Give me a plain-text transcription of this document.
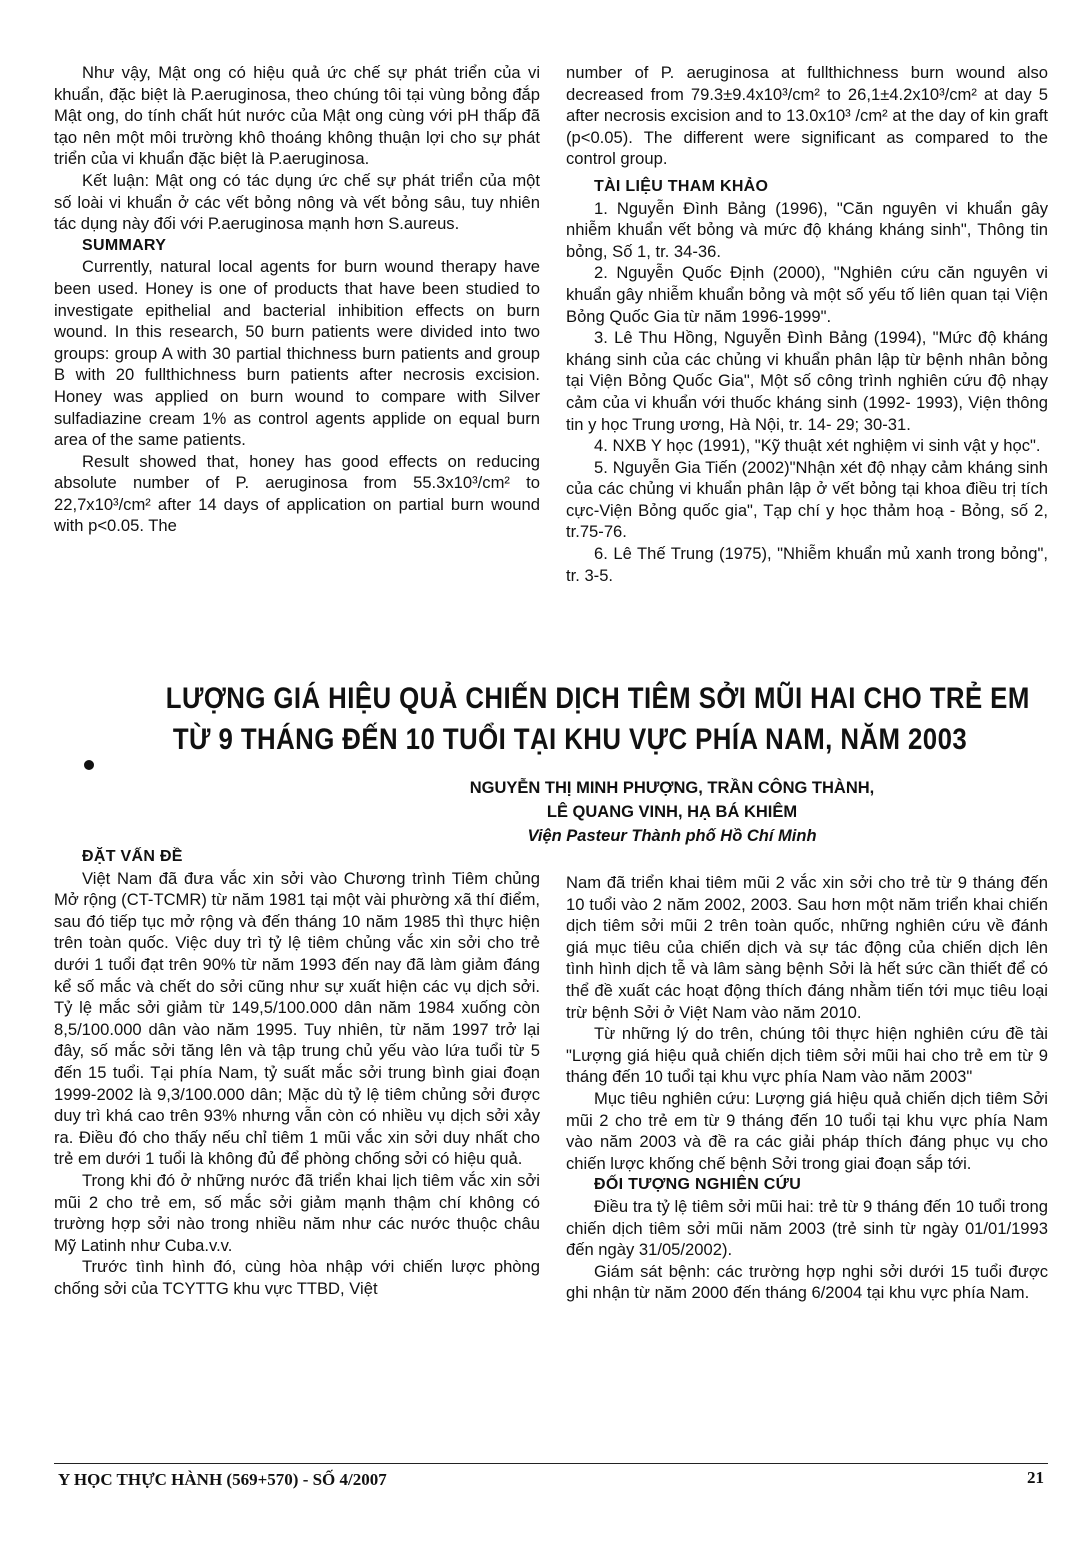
Như vậy, Mật ong có hiệu quả ức chế sự phát triển của vi khuẩn, đặc biệt là P.aeruginosa, theo chúng tôi tại vùng bỏng đắp Mật ong, do tính chất hút nước của Mật ong cùng với pH thấp đã tạo nên một môi trường khô thoáng không thuận lợi cho sự phát triển của vi khuẩn đặc biệt là P.aeruginosa.

Kết luận: Mật ong có tác dụng ức chế sự phát triển của một số loài vi khuẩn ở các vết bỏng nông và vết bỏng sâu, tuy nhiên tác dụng này đối với P.aeruginosa mạnh hơn S.aureus.

SUMMARY

Currently, natural local agents for burn wound therapy have been used. Honey is one of products that have been studied to investigate epithelial and bacterial inhibition effects on burn wound. In this research, 50 burn patients were divided into two groups: group A with 30 partial thichness burn patients and group B with 20 fullthichness burn patients after necrosis excision. Honey was applied on burn wound to compare with Silver sulfadiazine cream 1% as control agents applide on equal burn area of the same patients.

Result showed that, honey has good effects on reducing absolute number of P. aeruginosa from 55.3x10³/cm² to 22,7x10³/cm² after 14 days of application on partial burn wound with p<0.05. The

number of P. aeruginosa at fullthichness burn wound also decreased from 79.3±9.4x10³/cm² to 26,1±4.2x10³/cm² at day 5 after necrosis excision and to 13.0x10³ /cm² at the day of kin graft (p<0.05). The different were significant as compared to the control group.

TÀI LIỆU THAM KHẢO

1. Nguyễn Đình Bảng (1996), "Căn nguyên vi khuẩn gây nhiễm khuẩn vết bỏng và mức độ kháng kháng sinh", Thông tin bỏng, Số 1, tr. 34-36.

2. Nguyễn Quốc Định (2000), "Nghiên cứu căn nguyên vi khuẩn gây nhiễm khuẩn bỏng và một số yếu tố liên quan tại Viện Bỏng Quốc Gia từ năm 1996-1999".

3. Lê Thu Hồng, Nguyễn Đình Bảng (1994), "Mức độ kháng kháng sinh của các chủng vi khuẩn phân lập từ bệnh nhân bỏng tại Viện Bỏng Quốc Gia", Một số công trình nghiên cứu độ nhạy cảm của vi khuẩn với thuốc kháng sinh (1992- 1993), Viện thông tin y học Trung ương, Hà Nội, tr. 14- 29; 30-31.

4. NXB Y học (1991), "Kỹ thuật xét nghiệm vi sinh vật y học".

5. Nguyễn Gia Tiến (2002)"Nhận xét độ nhạy cảm kháng sinh của các chủng vi khuẩn phân lập ở vết bỏng tại khoa điều trị tích cực-Viện Bỏng quốc gia", Tạp chí y học thảm hoạ - Bỏng, số 2, tr.75-76.

6. Lê Thế Trung (1975), "Nhiễm khuẩn mủ xanh trong bỏng", tr. 3-5.

LƯỢNG GIÁ HIỆU QUẢ CHIẾN DỊCH TIÊM SỞI MŨI HAI CHO TRẺ EM
TỪ 9 THÁNG ĐẾN 10 TUỔI TẠI KHU VỰC PHÍA NAM, NĂM 2003
NGUYỄN THỊ MINH PHƯỢNG, TRẦN CÔNG THÀNH,
LÊ QUANG VINH, HẠ BÁ KHIÊM
Viện Pasteur Thành phố Hồ Chí Minh

ĐẶT VẤN ĐỀ

Việt Nam đã đưa vắc xin sởi vào Chương trình Tiêm chủng Mở rộng (CT-TCMR) từ năm 1981 tại một vài phường xã thí điểm, sau đó tiếp tục mở rộng và đến tháng 10 năm 1985 thì thực hiện trên toàn quốc. Việc duy trì tỷ lệ tiêm chủng vắc xin sởi cho trẻ dưới 1 tuổi đạt trên 90% từ năm 1993 đến nay đã làm giảm đáng kể số mắc và chết do sởi cũng như sự xuất hiện các vụ dịch sởi. Tỷ lệ mắc sởi giảm từ 149,5/100.000 dân năm 1984 xuống còn 8,5/100.000 dân vào năm 1995. Tuy nhiên, từ năm 1997 trở lại đây, số mắc sởi tăng lên và tập trung chủ yếu vào lứa tuổi từ 5 đến 15 tuổi. Tại phía Nam, tỷ suất mắc sởi trung bình giai đoạn 1999-2002 là 9,3/100.000 dân; Mặc dù tỷ lệ tiêm chủng sởi được duy trì khá cao trên 93% nhưng vẫn còn có nhiều vụ dịch sởi xảy ra. Điều đó cho thấy nếu chỉ tiêm 1 mũi vắc xin sởi duy nhất cho trẻ em dưới 1 tuổi là không đủ để phòng chống sởi có hiệu quả.

Trong khi đó ở những nước đã triển khai lịch tiêm vắc xin sởi mũi 2 cho trẻ em, số mắc sởi giảm mạnh thậm chí không có trường hợp sởi nào trong nhiều năm như các nước thuộc châu Mỹ Latinh như Cuba.v.v.

Trước tình hình đó, cùng hòa nhập với chiến lược phòng chống sởi của TCYTTG khu vực TTBD, Việt

Nam đã triển khai tiêm mũi 2 vắc xin sởi cho trẻ từ 9 tháng đến 10 tuổi vào 2 năm 2002, 2003. Sau hơn một năm triển khai chiến dịch tiêm sởi mũi 2 trên toàn quốc, những nghiên cứu về đánh giá mục tiêu của chiến dịch và sự tác động của chiến dịch lên tình hình dịch tễ và lâm sàng bệnh Sởi là hết sức cần thiết để có thể đề xuất các hoạt động thích đáng nhằm tiến tới mục tiêu loại trừ bệnh Sởi ở Việt Nam vào năm 2010.

Từ những lý do trên, chúng tôi thực hiện nghiên cứu đề tài "Lượng giá hiệu quả chiến dịch tiêm sởi mũi hai cho trẻ em từ 9 tháng đến 10 tuổi tại khu vực phía Nam vào năm 2003"

Mục tiêu nghiên cứu: Lượng giá hiệu quả chiến dịch tiêm Sởi mũi 2 cho trẻ em từ 9 tháng đến 10 tuổi tại khu vực phía Nam vào năm 2003 và đề ra các giải pháp thích đáng phục vụ cho chiến lược khống chế bệnh Sởi trong giai đoạn sắp tới.

ĐỐI TƯỢNG NGHIÊN CỨU

Điều tra tỷ lệ tiêm sởi mũi hai: trẻ từ 9 tháng đến 10 tuổi trong chiến dịch tiêm sởi mũi năm 2003 (trẻ sinh từ ngày 01/01/1993 đến ngày 31/05/2002).

Giám sát bệnh: các trường hợp nghi sởi dưới 15 tuổi được ghi nhận từ năm 2000 đến tháng 6/2004 tại khu vực phía Nam.

Y HỌC THỰC HÀNH (569+570) - SỐ 4/2007	21
